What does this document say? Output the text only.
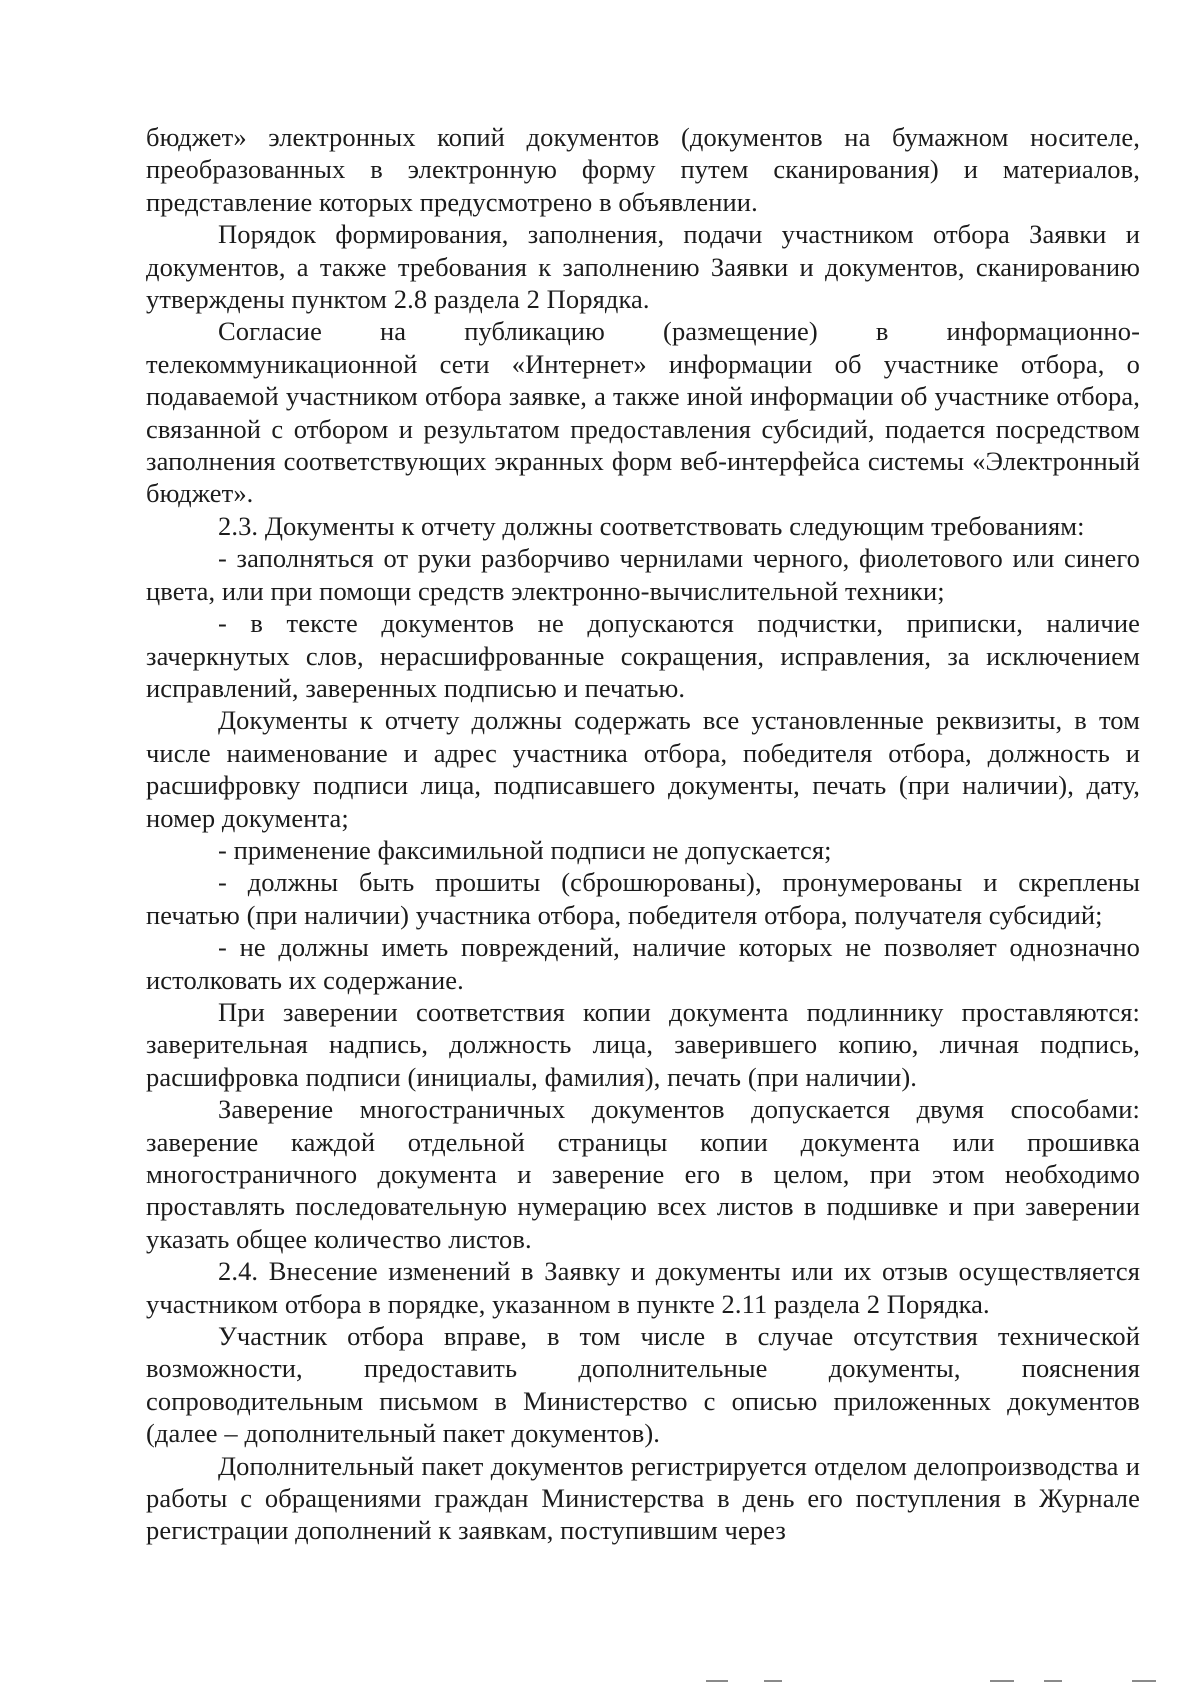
бюджет» электронных копий документов (документов на бумажном носителе, преобразованных в электронную форму путем сканирования) и материалов, представление которых предусмотрено в объявлении.

Порядок формирования, заполнения, подачи участником отбора Заявки и документов, а также требования к заполнению Заявки и документов, сканированию утверждены пунктом 2.8 раздела 2 Порядка.

Согласие на публикацию (размещение) в информационно-телекоммуникационной сети «Интернет» информации об участнике отбора, о подаваемой участником отбора заявке, а также иной информации об участнике отбора, связанной с отбором и результатом предоставления субсидий, подается посредством заполнения соответствующих экранных форм веб-интерфейса системы «Электронный бюджет».

2.3. Документы к отчету должны соответствовать следующим требованиям:

- заполняться от руки разборчиво чернилами черного, фиолетового или синего цвета, или при помощи средств электронно-вычислительной техники;

- в тексте документов не допускаются подчистки, приписки, наличие зачеркнутых слов, нерасшифрованные сокращения, исправления, за исключением исправлений, заверенных подписью и печатью.

Документы к отчету должны содержать все установленные реквизиты, в том числе наименование и адрес участника отбора, победителя отбора, должность и расшифровку подписи лица, подписавшего документы, печать (при наличии), дату, номер документа;

- применение факсимильной подписи не допускается;

- должны быть прошиты (сброшюрованы), пронумерованы и скреплены печатью (при наличии) участника отбора, победителя отбора, получателя субсидий;

- не должны иметь повреждений, наличие которых не позволяет однозначно истолковать их содержание.

При заверении соответствия копии документа подлиннику проставляются: заверительная надпись, должность лица, заверившего копию, личная подпись, расшифровка подписи (инициалы, фамилия), печать (при наличии).

Заверение многостраничных документов допускается двумя способами: заверение каждой отдельной страницы копии документа или прошивка многостраничного документа и заверение его в целом, при этом необходимо проставлять последовательную нумерацию всех листов в подшивке и при заверении указать общее количество листов.

2.4. Внесение изменений в Заявку и документы или их отзыв осуществляется участником отбора в порядке, указанном в пункте 2.11 раздела 2 Порядка.

Участник отбора вправе, в том числе в случае отсутствия технической возможности, предоставить дополнительные документы, пояснения сопроводительным письмом в Министерство с описью приложенных документов (далее – дополнительный пакет документов).

Дополнительный пакет документов регистрируется отделом делопроизводства и работы с обращениями граждан Министерства в день его поступления в Журнале регистрации дополнений к заявкам, поступившим через
